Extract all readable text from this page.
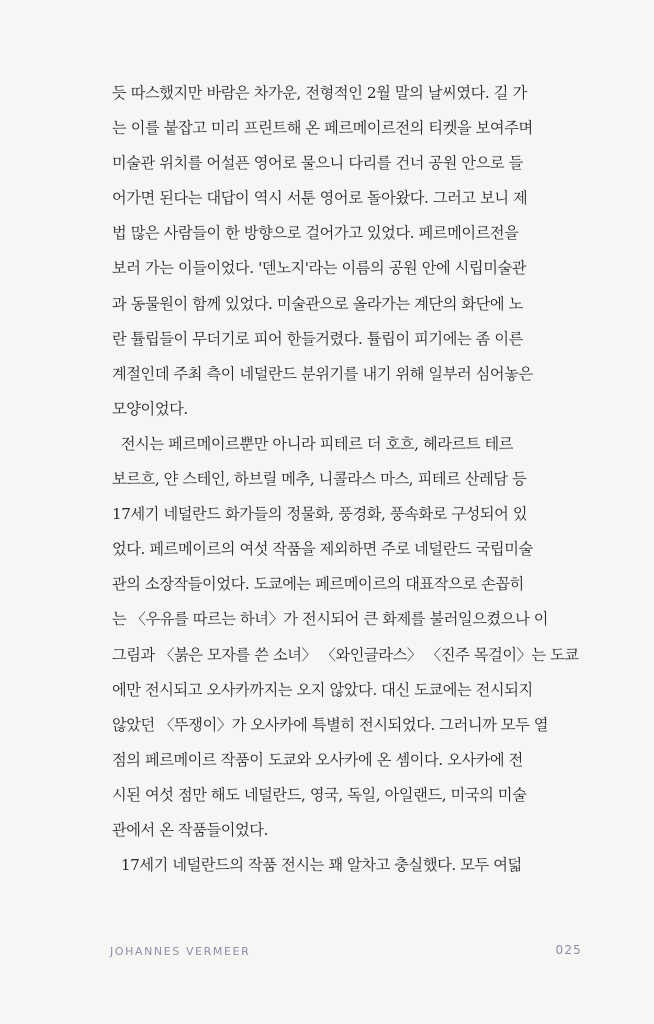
듯 따스했지만 바람은 차가운, 전형적인 2월 말의 날씨였다. 길 가
는 이를 붙잡고 미리 프린트해 온 페르메이르전의 티켓을 보여주며
미술관 위치를 어설픈 영어로 물으니 다리를 건너 공원 안으로 들
어가면 된다는 대답이 역시 서툰 영어로 돌아왔다. 그러고 보니 제
법 많은 사람들이 한 방향으로 걸어가고 있었다. 페르메이르전을
보러 가는 이들이었다. '덴노지'라는 이름의 공원 안에 시립미술관
과 동물원이 함께 있었다. 미술관으로 올라가는 계단의 화단에 노
란 튤립들이 무더기로 피어 한들거렸다. 튤립이 피기에는 좀 이른
계절인데 주최 측이 네덜란드 분위기를 내기 위해 일부러 심어놓은
모양이었다.
전시는 페르메이르뿐만 아니라 피테르 더 호흐, 헤라르트 테르
보르흐, 얀 스테인, 하브릴 메추, 니콜라스 마스, 피테르 산레담 등
17세기 네덜란드 화가들의 정물화, 풍경화, 풍속화로 구성되어 있
었다. 페르메이르의 여섯 작품을 제외하면 주로 네덜란드 국립미술
관의 소장작들이었다. 도쿄에는 페르메이르의 대표작으로 손꼽히
는 〈우유를 따르는 하녀〉가 전시되어 큰 화제를 불러일으켰으나 이
그림과 〈붉은 모자를 쓴 소녀〉 〈와인글라스〉 〈진주 목걸이〉는 도쿄
에만 전시되고 오사카까지는 오지 않았다. 대신 도쿄에는 전시되지
않았던 〈뚜쟁이〉가 오사카에 특별히 전시되었다. 그러니까 모두 열
점의 페르메이르 작품이 도쿄와 오사카에 온 셈이다. 오사카에 전
시된 여섯 점만 해도 네덜란드, 영국, 독일, 아일랜드, 미국의 미술
관에서 온 작품들이었다.
17세기 네덜란드의 작품 전시는 꽤 알차고 충실했다. 모두 여덟
JOHANNES VERMEER	025
